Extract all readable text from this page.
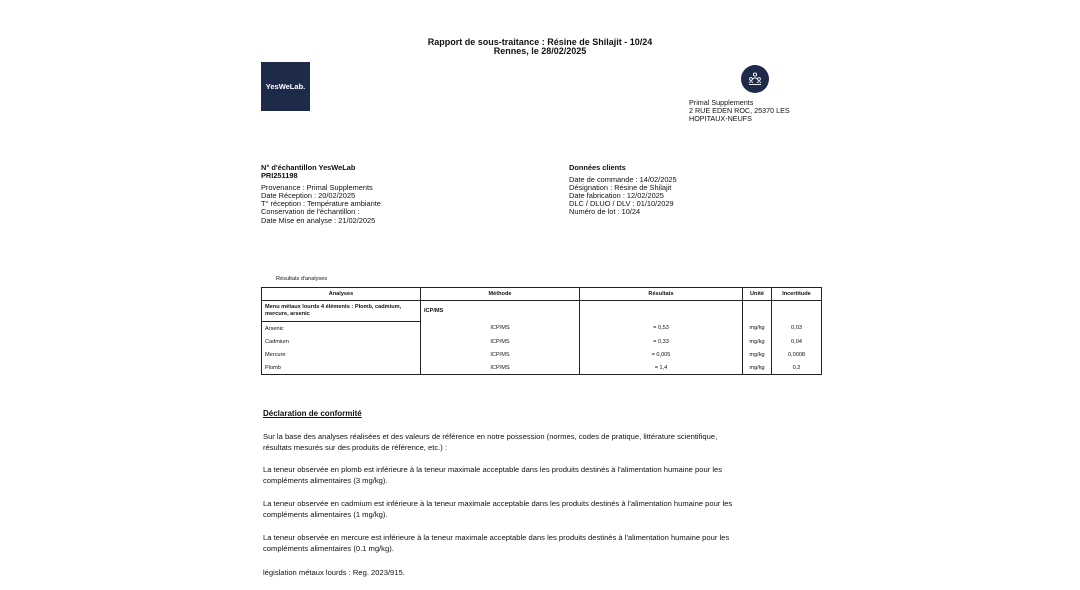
Rapport de sous-traitance : Résine de Shilajit - 10/24
Rennes, le 28/02/2025
YesWeLab.
Primal Supplements
2 RUE EDEN ROC, 25370 LES
HOPITAUX-NEUFS
N° d'échantillon YesWeLab
PRI251198
Provenance : Primal Supplements
Date Réception : 20/02/2025
T° réception : Température ambiante
Conservation de l'échantillon :
Date Mise en analyse : 21/02/2025
Données clients
Date de commande : 14/02/2025
Désignation : Résine de Shilajit
Date fabrication : 12/02/2025
DLC / DLUO / DLV : 01/10/2029
Numéro de lot : 10/24
Résultats d'analyses
Analyses	Méthode	Résultats	Unité	Incertitude
Menu métaux lourds 4 éléments : Plomb, cadmium, mercure, arsenic	ICP/MS			
Arsenic	ICP/MS	= 0,53	mg/kg	0,03
Cadmium	ICP/MS	= 0,33	mg/kg	0,04
Mercure	ICP/MS	= 0,005	mg/kg	0,0008
Plomb	ICP/MS	= 1,4	mg/kg	0,2
Déclaration de conformité
Sur la base des analyses réalisées et des valeurs de référence en notre possession (normes, codes de pratique, littérature scientifique,
résultats mesurés sur des produits de référence, etc.) :
La teneur observée en plomb est inférieure à la teneur maximale acceptable dans les produits destinés à l'alimentation humaine pour les
compléments alimentaires (3 mg/kg).
La teneur observée en cadmium est inférieure à la teneur maximale acceptable dans les produits destinés à l'alimentation humaine pour les
compléments alimentaires (1 mg/kg).
La teneur observée en mercure est inférieure à la teneur maximale acceptable dans les produits destinés à l'alimentation humaine pour les
compléments alimentaires (0.1 mg/kg).
législation métaux lourds : Reg. 2023/915.
